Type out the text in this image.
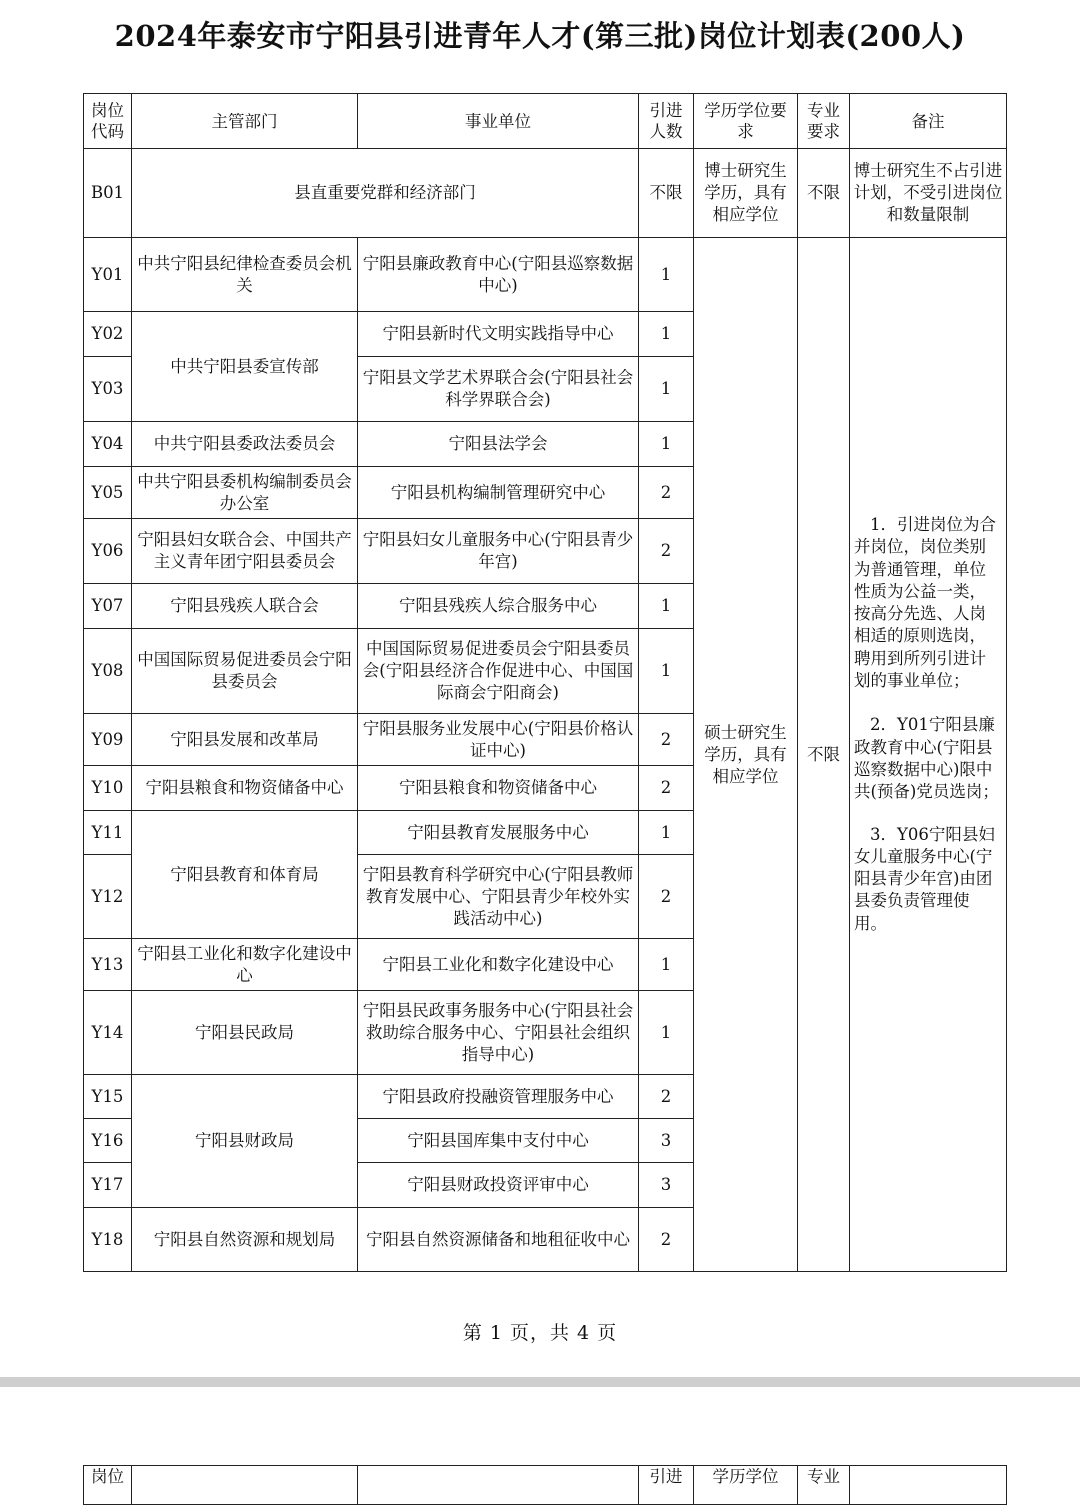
2024年泰安市宁阳县引进青年人才(第三批)岗位计划表(200人)
岗位代码	主管部门	事业单位	引进人数	学历学位要求	专业要求	备注
B01	县直重要党群和经济部门		不限	博士研究生学历，具有相应学位	不限	博士研究生不占引进计划，不受引进岗位和数量限制
Y01	中共宁阳县纪律检查委员会机关	宁阳县廉政教育中心(宁阳县巡察数据中心)	1	硕士研究生学历，具有相应学位	不限	1．引进岗位为合并岗位，岗位类别为普通管理，单位性质为公益一类，按高分先选、人岗相适的原则选岗，聘用到所列引进计划的事业单位；

2．Y01宁阳县廉政教育中心(宁阳县巡察数据中心)限中共(预备)党员选岗；

3．Y06宁阳县妇女儿童服务中心(宁阳县青少年宫)由团县委负责管理使用。

Y02	中共宁阳县委宣传部	宁阳县新时代文明实践指导中心	1			
Y03		宁阳县文学艺术界联合会(宁阳县社会科学界联合会)	1			
Y04	中共宁阳县委政法委员会	宁阳县法学会	1			
Y05	中共宁阳县委机构编制委员会办公室	宁阳县机构编制管理研究中心	2			
Y06	宁阳县妇女联合会、中国共产主义青年团宁阳县委员会	宁阳县妇女儿童服务中心(宁阳县青少年宫)	2			
Y07	宁阳县残疾人联合会	宁阳县残疾人综合服务中心	1			
Y08	中国国际贸易促进委员会宁阳县委员会	中国国际贸易促进委员会宁阳县委员会(宁阳县经济合作促进中心、中国国际商会宁阳商会)	1			
Y09	宁阳县发展和改革局	宁阳县服务业发展中心(宁阳县价格认证中心)	2			
Y10	宁阳县粮食和物资储备中心	宁阳县粮食和物资储备中心	2			
Y11	宁阳县教育和体育局	宁阳县教育发展服务中心	1			
Y12		宁阳县教育科学研究中心(宁阳县教师教育发展中心、宁阳县青少年校外实践活动中心)	2			
Y13	宁阳县工业化和数字化建设中心	宁阳县工业化和数字化建设中心	1			
Y14	宁阳县民政局	宁阳县民政事务服务中心(宁阳县社会救助综合服务中心、宁阳县社会组织指导中心)	1			
Y15	宁阳县财政局	宁阳县政府投融资管理服务中心	2			
Y16		宁阳县国库集中支付中心	3			
Y17		宁阳县财政投资评审中心	3			
Y18	宁阳县自然资源和规划局	宁阳县自然资源储备和地租征收中心	2			
第 1 页，共 4 页
岗位			引进	学历学位	专业	
